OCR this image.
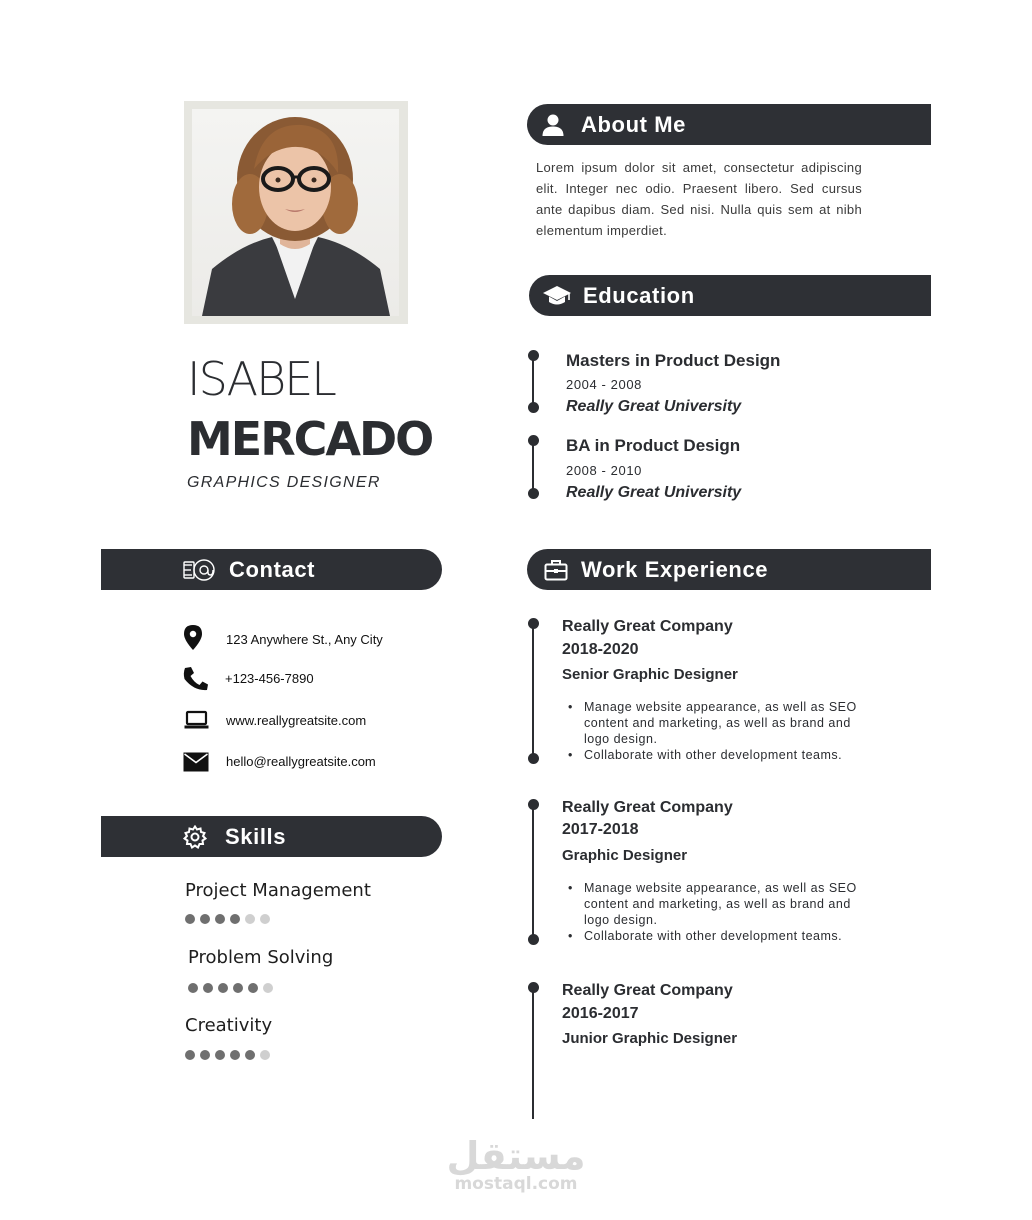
ISABEL
MERCADO
GRAPHICS DESIGNER
About Me
Lorem ipsum dolor sit amet, consectetur adipiscing elit. Integer nec odio. Praesent libero. Sed cursus ante dapibus diam. Sed nisi. Nulla quis sem at nibh elementum imperdiet.
Education
Masters in Product Design
2004 - 2008
Really Great University
BA in Product Design
2008 - 2010
Really Great University
Contact
123 Anywhere St., Any City
+123-456-7890
www.reallygreatsite.com
hello@reallygreatsite.com
Skills
Project Management
Problem Solving
Creativity
Work Experience
Really Great Company
2018-2020
Senior Graphic Designer
• Manage website appearance, as well as SEO content and marketing, as well as brand and logo design.
• Collaborate with other development teams.
Really Great Company
2017-2018
Graphic Designer
• Manage website appearance, as well as SEO content and marketing, as well as brand and logo design.
• Collaborate with other development teams.
Really Great Company
2016-2017
Junior Graphic Designer
مستقل
mostaql.com
